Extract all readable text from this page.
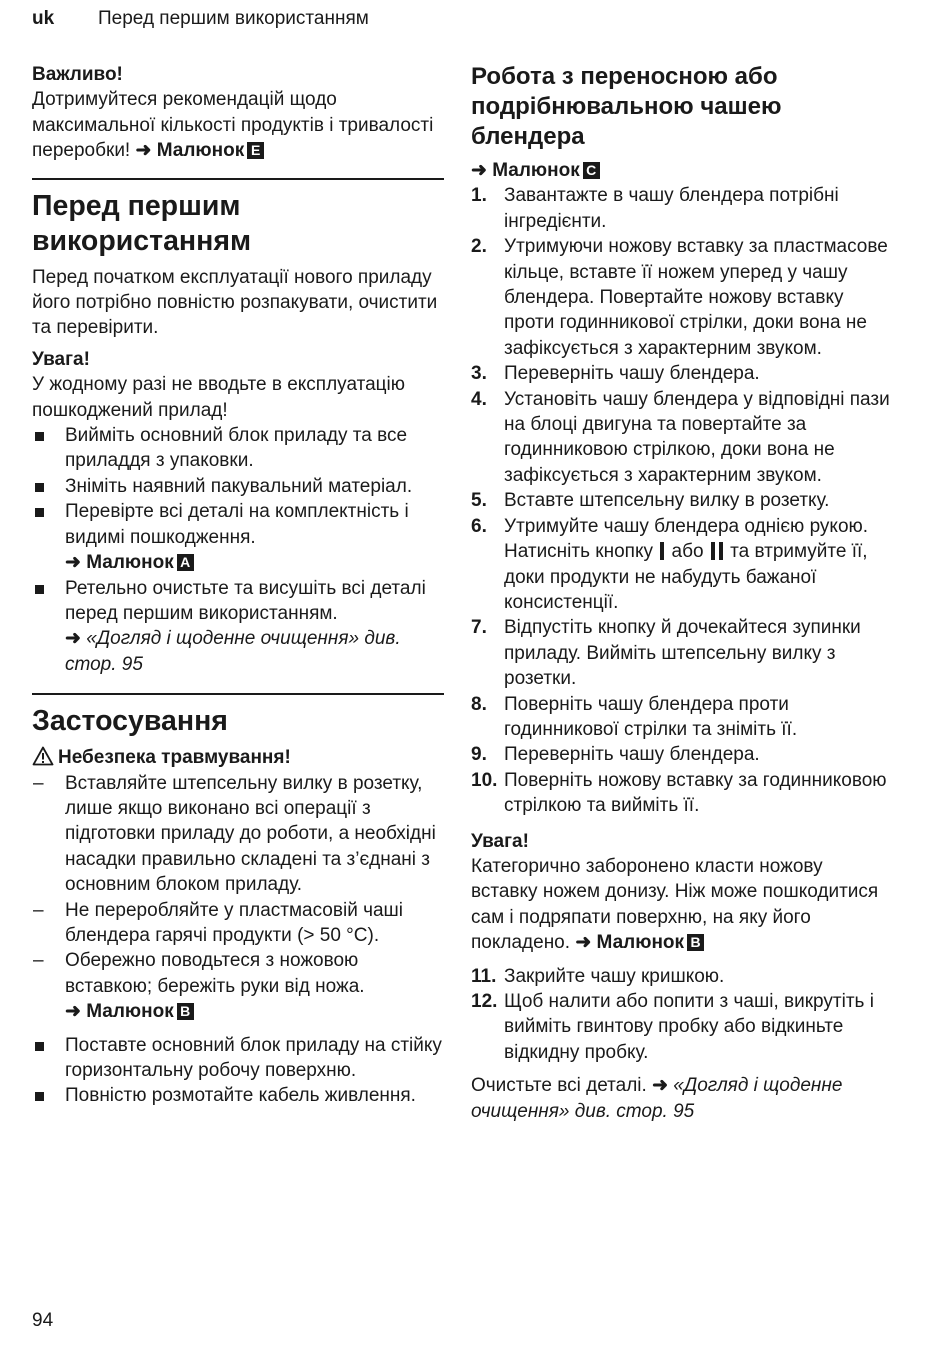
uk Перед першим використанням

Важливо!

Дотримуйтеся рекомендацій щодо максимальної кількості продуктів і тривалості переробки! ➜ Малюнок E

Перед першим використанням

Перед початком експлуатації нового приладу його потрібно повністю розпакувати, очистити та перевірити.

Увага!

У жодному разі не вводьте в експлуатацію пошкоджений прилад!

Вийміть основний блок приладу та все приладдя з упаковки.
Зніміть наявний пакувальний матеріал.
Перевірте всі деталі на комплектність і видимі пошкодження.
➜ Малюнок A
Ретельно очистьте та висушіть всі деталі перед першим використанням.
➜ «Догляд і щоденне очищення» див. стор. 95
Застосування

Небезпека травмування!

– Вставляйте штепсельну вилку в розетку, лише якщо виконано всі операції з підготовки приладу до роботи, а необхідні насадки правильно складені та з’єднані з основним блоком приладу.
– Не переробляйте у пластмасовій чаші блендера гарячі продукти (> 50 °C).
– Обережно поводьтеся з ножовою вставкою; бережіть руки від ножа.
➜ Малюнок B
Поставте основний блок приладу на стійку горизонтальну робочу поверхню.
Повністю розмотайте кабель живлення.
Робота з переносною або подрібнювальною чашею блендера

➜ Малюнок C

1. Завантажте в чашу блендера потрібні інгредієнти.
2. Утримуючи ножову вставку за пластмасове кільце, вставте її ножем уперед у чашу блендера. Повертайте ножову вставку проти годинникової стрілки, доки вона не зафіксується з характерним звуком.
3. Переверніть чашу блендера.
4. Установіть чашу блендера у відповідні пази на блоці двигуна та повертайте за годинниковою стрілкою, доки вона не зафіксується з характерним звуком.
5. Вставте штепсельну вилку в розетку.
6. Утримуйте чашу блендера однією рукою. Натисніть кнопку або та втримуйте її, доки продукти не набудуть бажаної консистенції.
7. Відпустіть кнопку й дочекайтеся зупинки приладу. Вийміть штепсельну вилку з розетки.
8. Поверніть чашу блендера проти годинникової стрілки та зніміть її.
9. Переверніть чашу блендера.
10. Поверніть ножову вставку за годинниковою стрілкою та вийміть її.

Увага!

Категорично заборонено класти ножову вставку ножем донизу. Ніж може пошкодитися сам і подряпати поверхню, на яку його покладено. ➜ Малюнок B

11. Закрийте чашу кришкою.
12. Щоб налити або попити з чаші, викрутіть і вийміть гвинтову пробку або відкиньте відкидну пробку.

Очистьте всі деталі. ➜ «Догляд і щоденне очищення» див. стор. 95

94
